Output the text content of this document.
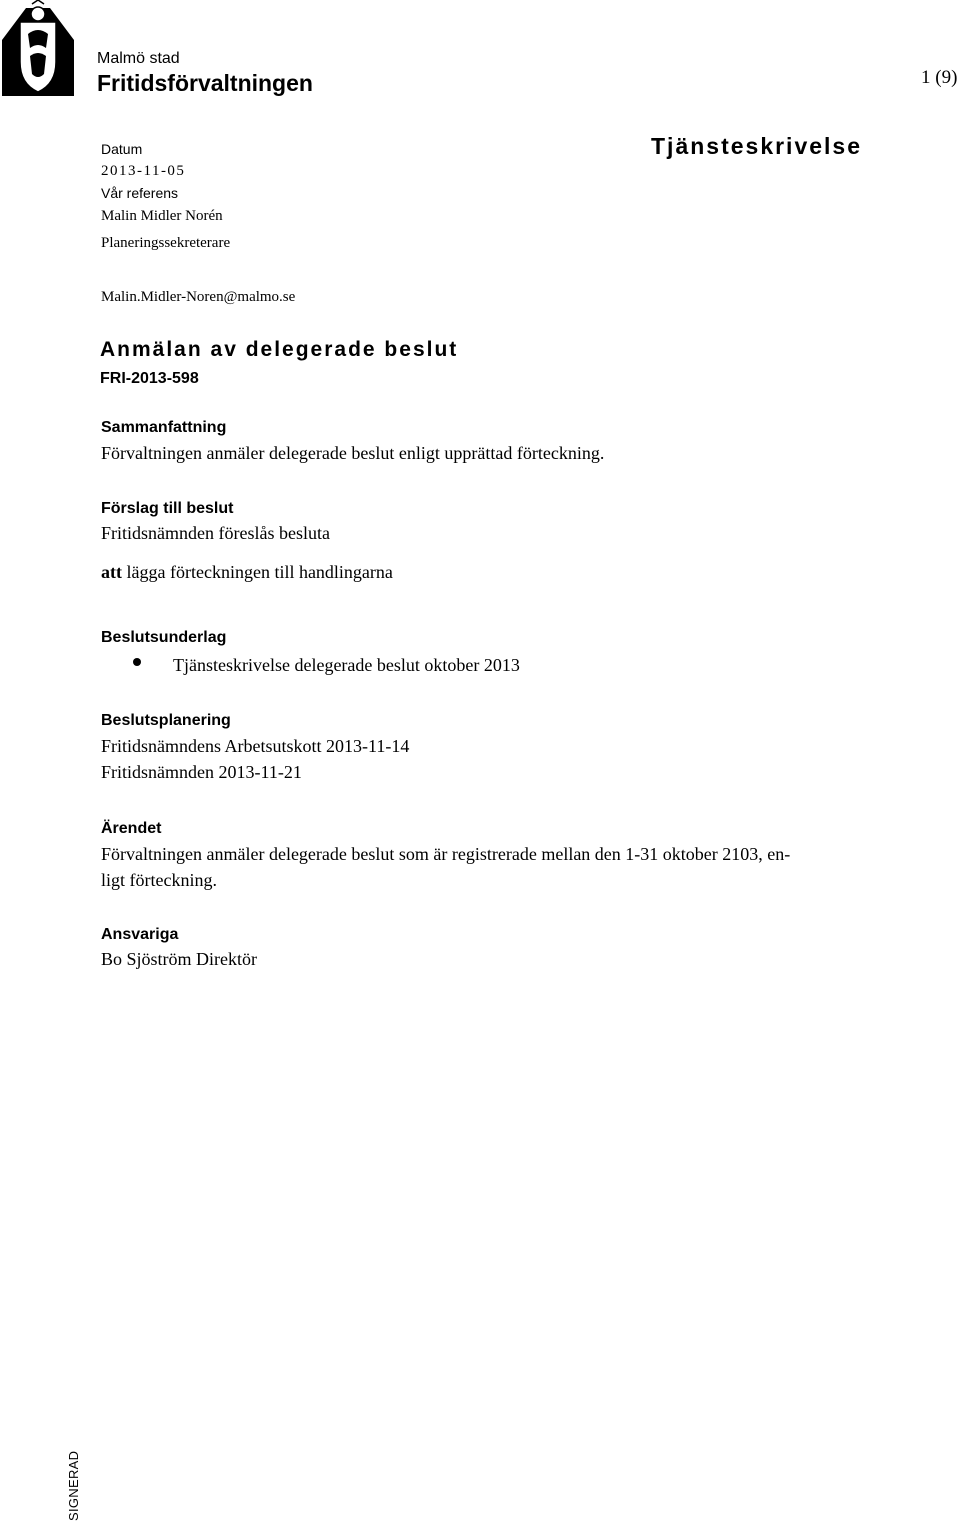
Malmö stad
Fritidsförvaltningen	1 (9)
Datum
2013-11-05
Vår referens
Malin Midler Norén
Planeringssekreterare
Malin.Midler-Noren@malmo.se
Tjänsteskrivelse
Anmälan av delegerade beslut
FRI-2013-598
Sammanfattning
Förvaltningen anmäler delegerade beslut enligt upprättad förteckning.
Förslag till beslut
Fritidsnämnden föreslås besluta
att lägga förteckningen till handlingarna
Beslutsunderlag
Tjänsteskrivelse delegerade beslut oktober 2013
Beslutsplanering
Fritidsnämndens Arbetsutskott 2013-11-14
Fritidsnämnden 2013-11-21
Ärendet
Förvaltningen anmäler delegerade beslut som är registrerade mellan den 1-31 oktober 2103, en-
ligt förteckning.
Ansvariga
Bo Sjöström Direktör
SIGNERAD
